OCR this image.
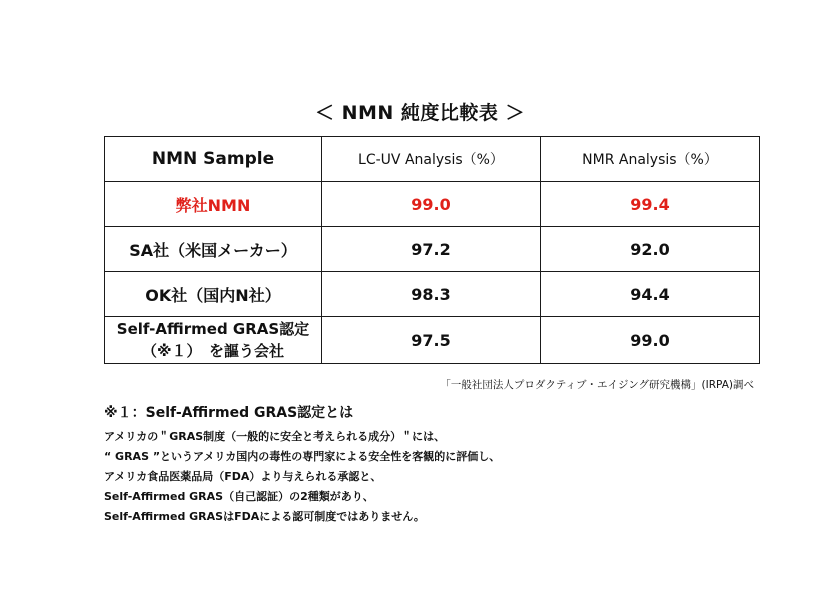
＜ NMN 純度比較表 ＞
NMN Sample	LC-UV Analysis（%）	NMR Analysis（%）
弊社NMN	99.0	99.4
SA社（米国メーカー）	97.2	92.0
OK社（国内N社）	98.3	94.4

Self-Affirmed GRAS認定
（※１）　を謳う会社	97.5	99.0
「一般社団法人プロダクティブ・エイジング研究機構」(IRPA)調べ
※１：Self-Affirmed GRAS認定とは
アメリカの＂GRAS制度（一般的に安全と考えられる成分）＂には、
“ GRAS ”というアメリカ国内の毒性の専門家による安全性を客観的に評価し、
アメリカ食品医薬品局（FDA）より与えられる承認と、
Self-Affirmed GRAS（自己認証）の2種類があり、
Self-Affirmed GRASはFDAによる認可制度ではありません。
